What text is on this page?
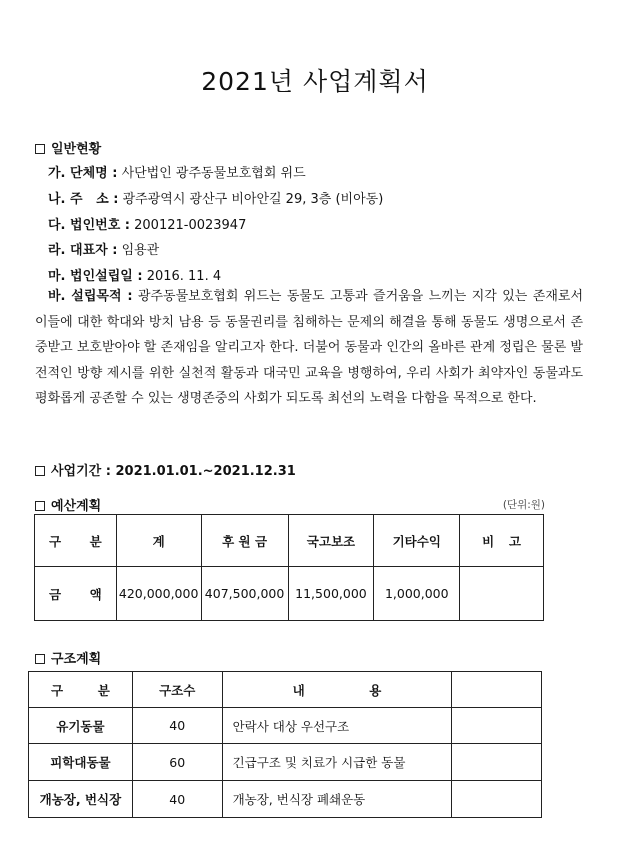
2021년 사업계획서
일반현황
가. 단체명 : 사단법인 광주동물보호협회 위드
나. 주   소 : 광주광역시 광산구 비아안길 29, 3층 (비아동)
다. 법인번호 : 200121-0023947
라. 대표자 : 임용관
마. 법인설립일 : 2016. 11. 4
바. 설립목적 : 광주동물보호협회 위드는 동물도 고통과 즐거움을 느끼는 지각 있는 존재로서 이들에 대한 학대와 방치 남용 등 동물권리를 침해하는 문제의 해결을 통해 동물도 생명으로서 존중받고 보호받아야 할 존재임을 알리고자 한다. 더불어 동물과 인간의 올바른 관계 정립은 물론 발전적인 방향 제시를 위한 실천적 활동과 대국민 교육을 병행하여, 우리 사회가 최약자인 동물과도 평화롭게 공존할 수 있는 생명존중의 사회가 되도록 최선의 노력을 다함을 목적으로 한다.
사업기간 : 2021.01.01.~2021.12.31
예산계획	(단위:원)
구 분	계	후 원 금	국고보조	기타수익	비 고

금 액	420,000,000	407,500,000	11,500,000	1,000,000	
구조계획
구 분	구조수	내 용	

유기동물	40	안락사 대상 우선구조	
피학대동물	60	긴급구조 및 치료가 시급한 동물	
개농장, 번식장	40	개농장, 번식장 폐쇄운동	
